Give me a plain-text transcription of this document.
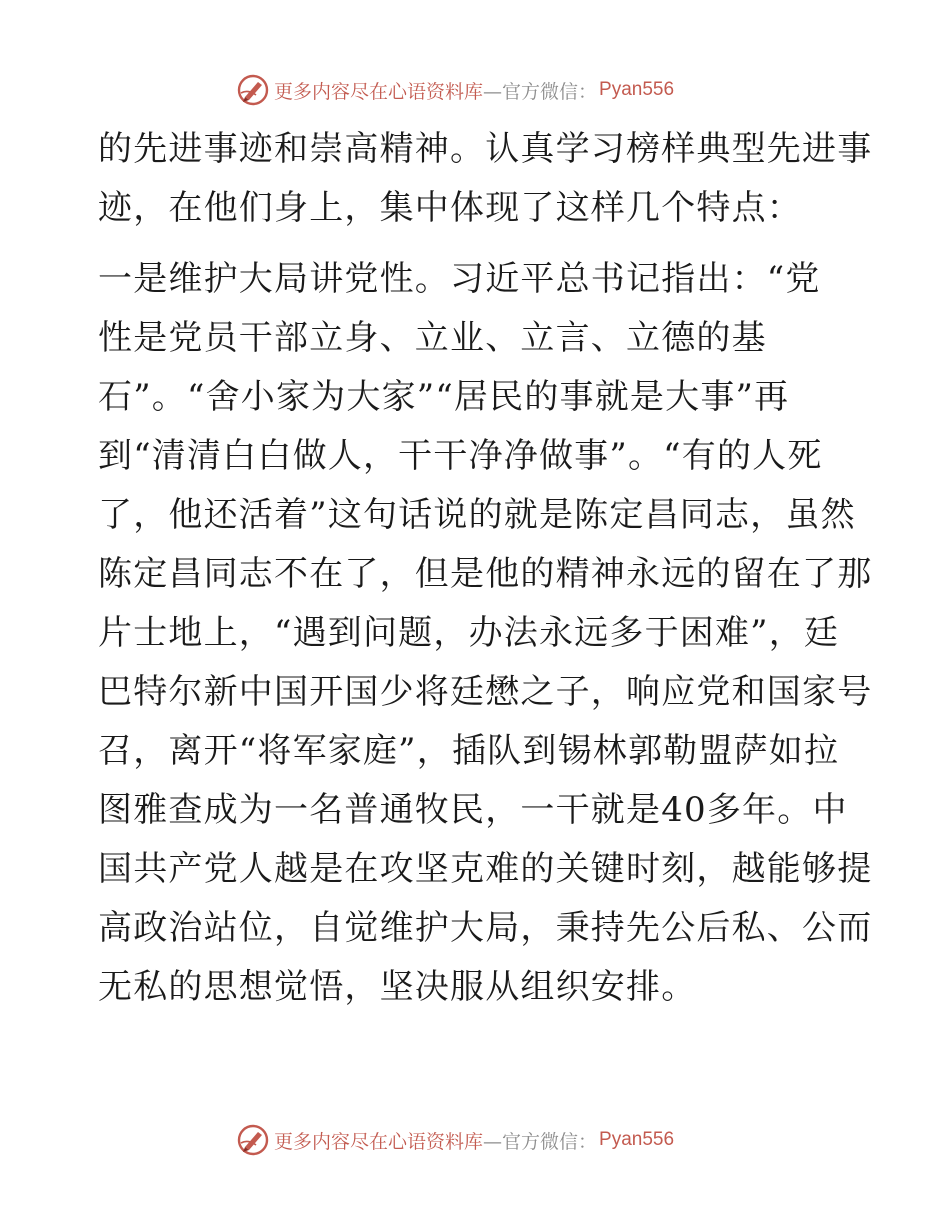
更多内容尽在心语资料库 —官方微信： Pyan556
的先进事迹和崇高精神。认真学习榜样典型先进事
迹，在他们身上，集中体现了这样几个特点：
一是维护大局讲党性。习近平总书记指出：“党
性是党员干部立身、立业、立言、立德的基
石”。“舍小家为大家”“居民的事就是大事”再
到“清清白白做人，干干净净做事”。“有的人死
了，他还活着”这句话说的就是陈定昌同志，虽然
陈定昌同志不在了，但是他的精神永远的留在了那
片士地上，“遇到问题，办法永远多于困难”，廷
巴特尔新中国开国少将廷懋之子，响应党和国家号
召，离开“将军家庭”，插队到锡林郭勒盟萨如拉
图雅查成为一名普通牧民，一干就是40多年。中
国共产党人越是在攻坚克难的关键时刻，越能够提
高政治站位，自觉维护大局，秉持先公后私、公而
无私的思想觉悟，坚决服从组织安排。
更多内容尽在心语资料库 —官方微信： Pyan556
